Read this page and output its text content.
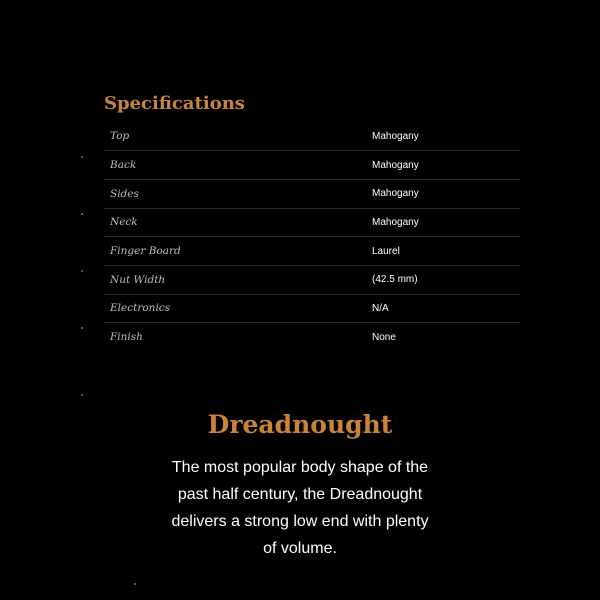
Specifications
Top	Mahogany
Back	Mahogany
Sides	Mahogany
Neck	Mahogany
Finger Board	Laurel
Nut Width	(42.5 mm)
Electronics	N/A
Finish	None
Dreadnought

The most popular body shape of the past half century, the Dreadnought delivers a strong low end with plenty of volume.
